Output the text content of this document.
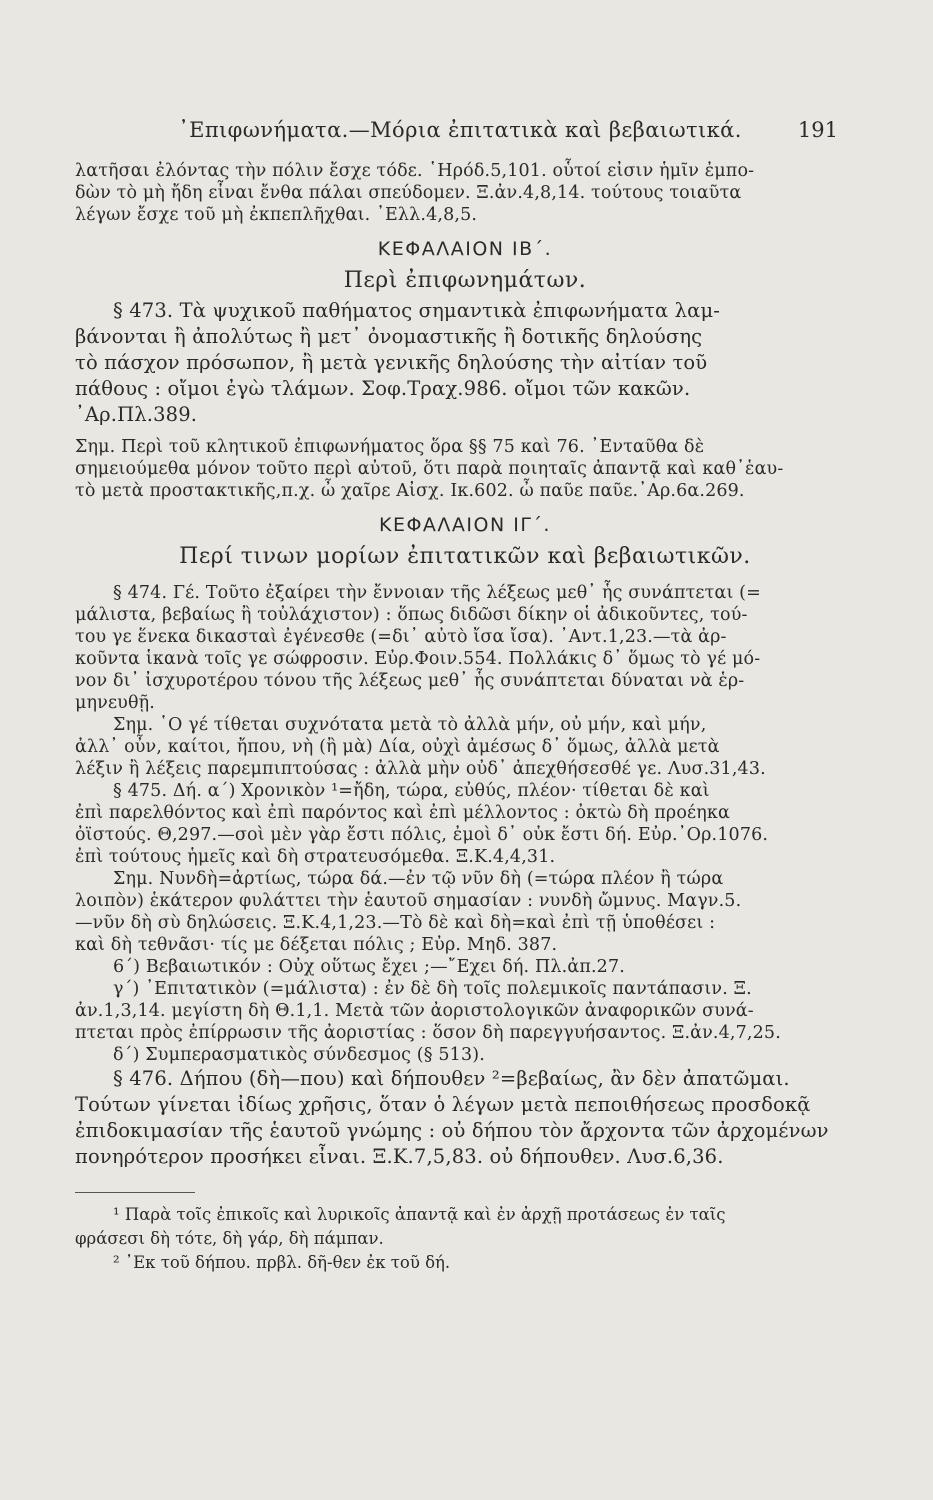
᾿Επιφωνήματα.—Μόρια ἐπιτατικὰ καὶ βεβαιωτικά.	191
λατῆσαι ἐλόντας τὴν πόλιν ἔσχε τόδε. ῾Ηρόδ.5,101. οὗτοί εἰσιν ἡμῖν ἐμπο-
δὼν τὸ μὴ ἤδη εἶναι ἔνθα πάλαι σπεύδομεν. Ξ.ἀν.4,8,14. τούτους τοιαῦτα
λέγων ἔσχε τοῦ μὴ ἐκπεπλῆχθαι. ᾿Ελλ.4,8,5.
ΚΕΦΑΛΑΙΟΝ ΙΒ΄.
Περὶ ἐπιφωνημάτων.
§ 473. Τὰ ψυχικοῦ παθήματος σημαντικὰ ἐπιφωνήματα λαμ-
βάνονται ἢ ἀπολύτως ἢ μετ᾿ ὀνομαστικῆς ἢ δοτικῆς δηλούσης
τὸ πάσχον πρόσωπον, ἢ μετὰ γενικῆς δηλούσης τὴν αἰτίαν τοῦ
πάθους : οἴμοι ἐγὼ τλάμων. Σοφ.Τραχ.986. οἴμοι τῶν κακῶν.
᾿Αρ.Πλ.389.
Σημ. Περὶ τοῦ κλητικοῦ ἐπιφωνήματος ὅρα §§ 75 καὶ 76. ᾿Ενταῦθα δὲ
σημειούμεθα μόνον τοῦτο περὶ αὐτοῦ, ὅτι παρὰ ποιηταῖς ἀπαντᾷ καὶ καθ᾿ἑαυ-
τὸ μετὰ προστακτικῆς,π.χ. ὦ χαῖρε Αἰσχ. Ικ.602. ὦ παῦε παῦε.᾿Αρ.6α.269.
ΚΕΦΑΛΑΙΟΝ ΙΓ΄.
Περί τινων μορίων ἐπιτατικῶν καὶ βεβαιωτικῶν.
§ 474. Γέ. Τοῦτο ἐξαίρει τὴν ἔννοιαν τῆς λέξεως μεθ᾿ ἧς συνάπτεται (=
μάλιστα, βεβαίως ἢ τοὐλάχιστον) : ὅπως διδῶσι δίκην οἱ ἀδικοῦντες, τού-
του γε ἕνεκα δικασταὶ ἐγένεσθε (=δι᾿ αὐτὸ ἴσα ἴσα). ᾿Αντ.1,23.—τὰ ἀρ-
κοῦντα ἱκανὰ τοῖς γε σώφροσιν. Εὐρ.Φοιν.554. Πολλάκις δ᾿ ὅμως τὸ γέ μό-
νον δι᾿ ἰσχυροτέρου τόνου τῆς λέξεως μεθ᾿ ἧς συνάπτεται δύναται νὰ ἑρ-
μηνευθῇ.
Σημ. ῾Ο γέ τίθεται συχνότατα μετὰ τὸ ἀλλὰ μήν, οὐ μήν, καὶ μήν,
ἀλλ᾿ οὖν, καίτοι, ἤπου, νὴ (ἢ μὰ) Δία, οὐχὶ ἀμέσως δ᾿ ὅμως, ἀλλὰ μετὰ
λέξιν ἢ λέξεις παρεμπιπτούσας : ἀλλὰ μὴν οὐδ᾿ ἀπεχθήσεσθέ γε. Λυσ.31,43.
§ 475. Δή. α΄) Χρονικὸν ¹=ἤδη, τώρα, εὐθύς, πλέον· τίθεται δὲ καὶ
ἐπὶ παρελθόντος καὶ ἐπὶ παρόντος καὶ ἐπὶ μέλλοντος : ὀκτὼ δὴ προέηκα
ὀϊστούς. Θ,297.—σοὶ μὲν γὰρ ἔστι πόλις, ἐμοὶ δ᾿ οὐκ ἔστι δή. Εὐρ.᾿Ορ.1076.
ἐπὶ τούτους ἡμεῖς καὶ δὴ στρατευσόμεθα. Ξ.Κ.4,4,31.
Σημ. Νυνδὴ=ἀρτίως, τώρα δά.—ἐν τῷ νῦν δὴ (=τώρα πλέον ἢ τώρα
λοιπὸν) ἑκάτερον φυλάττει τὴν ἑαυτοῦ σημασίαν : νυνδὴ ὤμνυς. Μαγν.5.
—νῦν δὴ σὺ δηλώσεις. Ξ.Κ.4,1,23.—Τὸ δὲ καὶ δὴ=καὶ ἐπὶ τῇ ὑποθέσει :
καὶ δὴ τεθνᾶσι· τίς με δέξεται πόλις ; Εὐρ. Μηδ. 387.
6΄) Βεβαιωτικόν : Οὐχ οὕτως ἔχει ;—῎Εχει δή. Πλ.ἀπ.27.
γ΄) ᾿Επιτατικὸν (=μάλιστα) : ἐν δὲ δὴ τοῖς πολεμικοῖς παντάπασιν. Ξ.
ἀν.1,3,14. μεγίστη δὴ Θ.1,1. Μετὰ τῶν ἀοριστολογικῶν ἀναφορικῶν συνά-
πτεται πρὸς ἐπίρρωσιν τῆς ἀοριστίας : ὅσον δὴ παρεγγυήσαντος. Ξ.ἀν.4,7,25.
δ΄) Συμπερασματικὸς σύνδεσμος (§ 513).
§ 476. Δήπου (δὴ—που) καὶ δήπουθεν ²=βεβαίως, ἂν δὲν ἀπατῶμαι.
Τούτων γίνεται ἰδίως χρῆσις, ὅταν ὁ λέγων μετὰ πεποιθήσεως προσδοκᾷ
ἐπιδοκιμασίαν τῆς ἑαυτοῦ γνώμης : οὐ δήπου τὸν ἄρχοντα τῶν ἀρχομένων
πονηρότερον προσήκει εἶναι. Ξ.Κ.7,5,83. οὐ δήπουθεν. Λυσ.6,36.
¹ Παρὰ τοῖς ἐπικοῖς καὶ λυρικοῖς ἀπαντᾷ καὶ ἐν ἀρχῇ προτάσεως ἐν ταῖς
φράσεσι δὴ τότε, δὴ γάρ, δὴ πάμπαν.
² ᾿Εκ τοῦ δήπου. πρβλ. δῆ-θεν ἐκ τοῦ δή.
